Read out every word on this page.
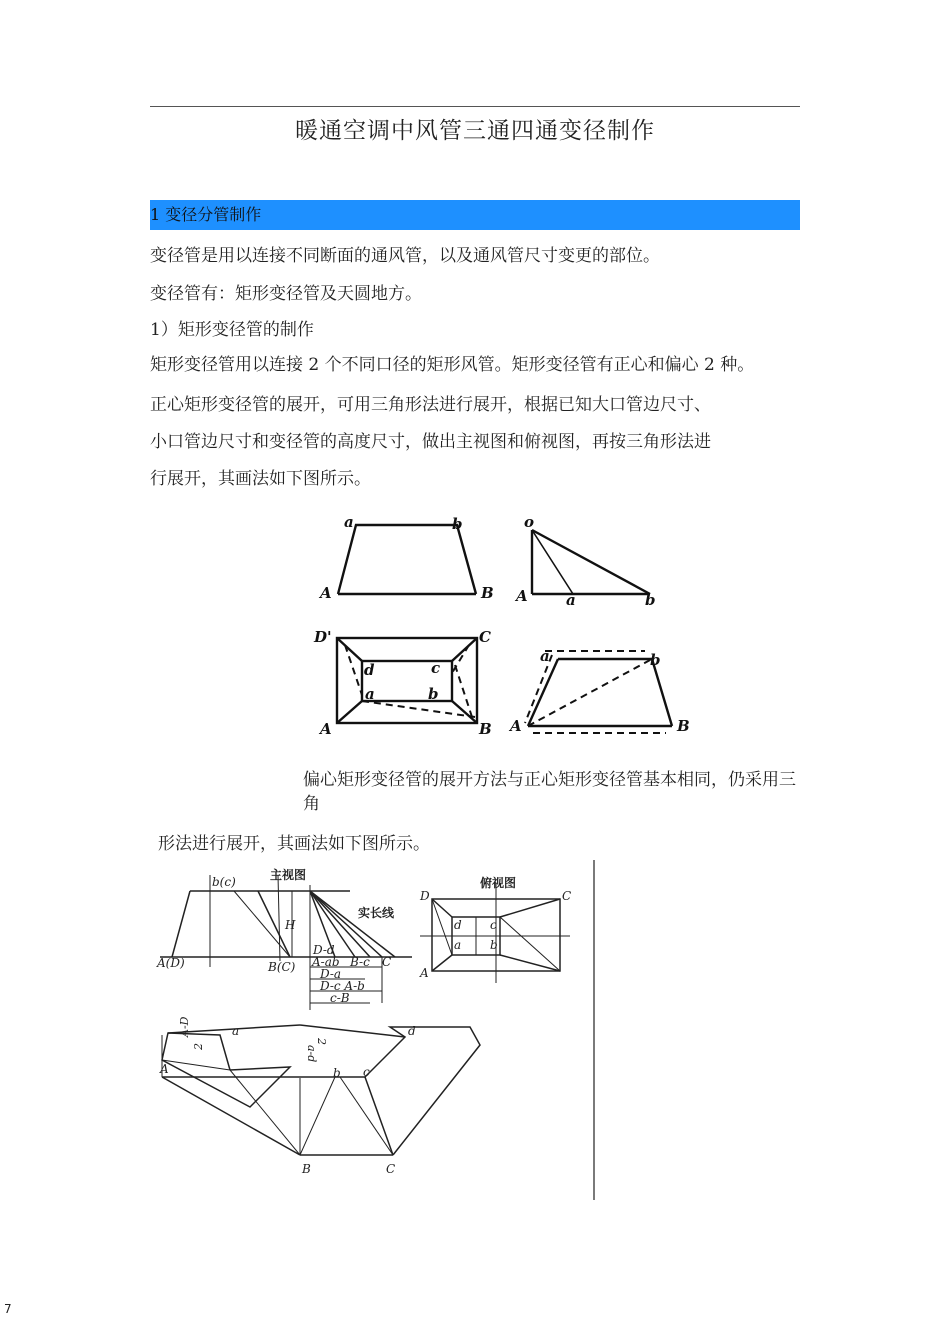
暖通空调中风管三通四通变径制作
1 变径分管制作
变径管是用以连接不同断面的通风管，以及通风管尺寸变更的部位。
变径管有：矩形变径管及天圆地方。
1）矩形变径管的制作
矩形变径管用以连接 2 个不同口径的矩形风管。矩形变径管有正心和偏心 2 种。
正心矩形变径管的展开，可用三角形法进行展开，根据已知大口管边尺寸、
小口管边尺寸和变径管的高度尺寸，做出主视图和俯视图，再按三角形法进
行展开，其画法如下图所示。
a	b
A	B
o
A	a	b
D'	C
d	c
a	b
A	B
a	b
A	B
偏心矩形变径管的展开方法与正心矩形变径管基本相同，仍采用三角
形法进行展开，其画法如下图所示。
b(c)
A(D)	B(C)
H
D-d
A-ab B-c C
D-a
D-c A-b
c-B
D	C
A
d c
a b
A
a
b c
d
B	C
主视图
俯视图
实长线
A-D
2	a-d
2
7
